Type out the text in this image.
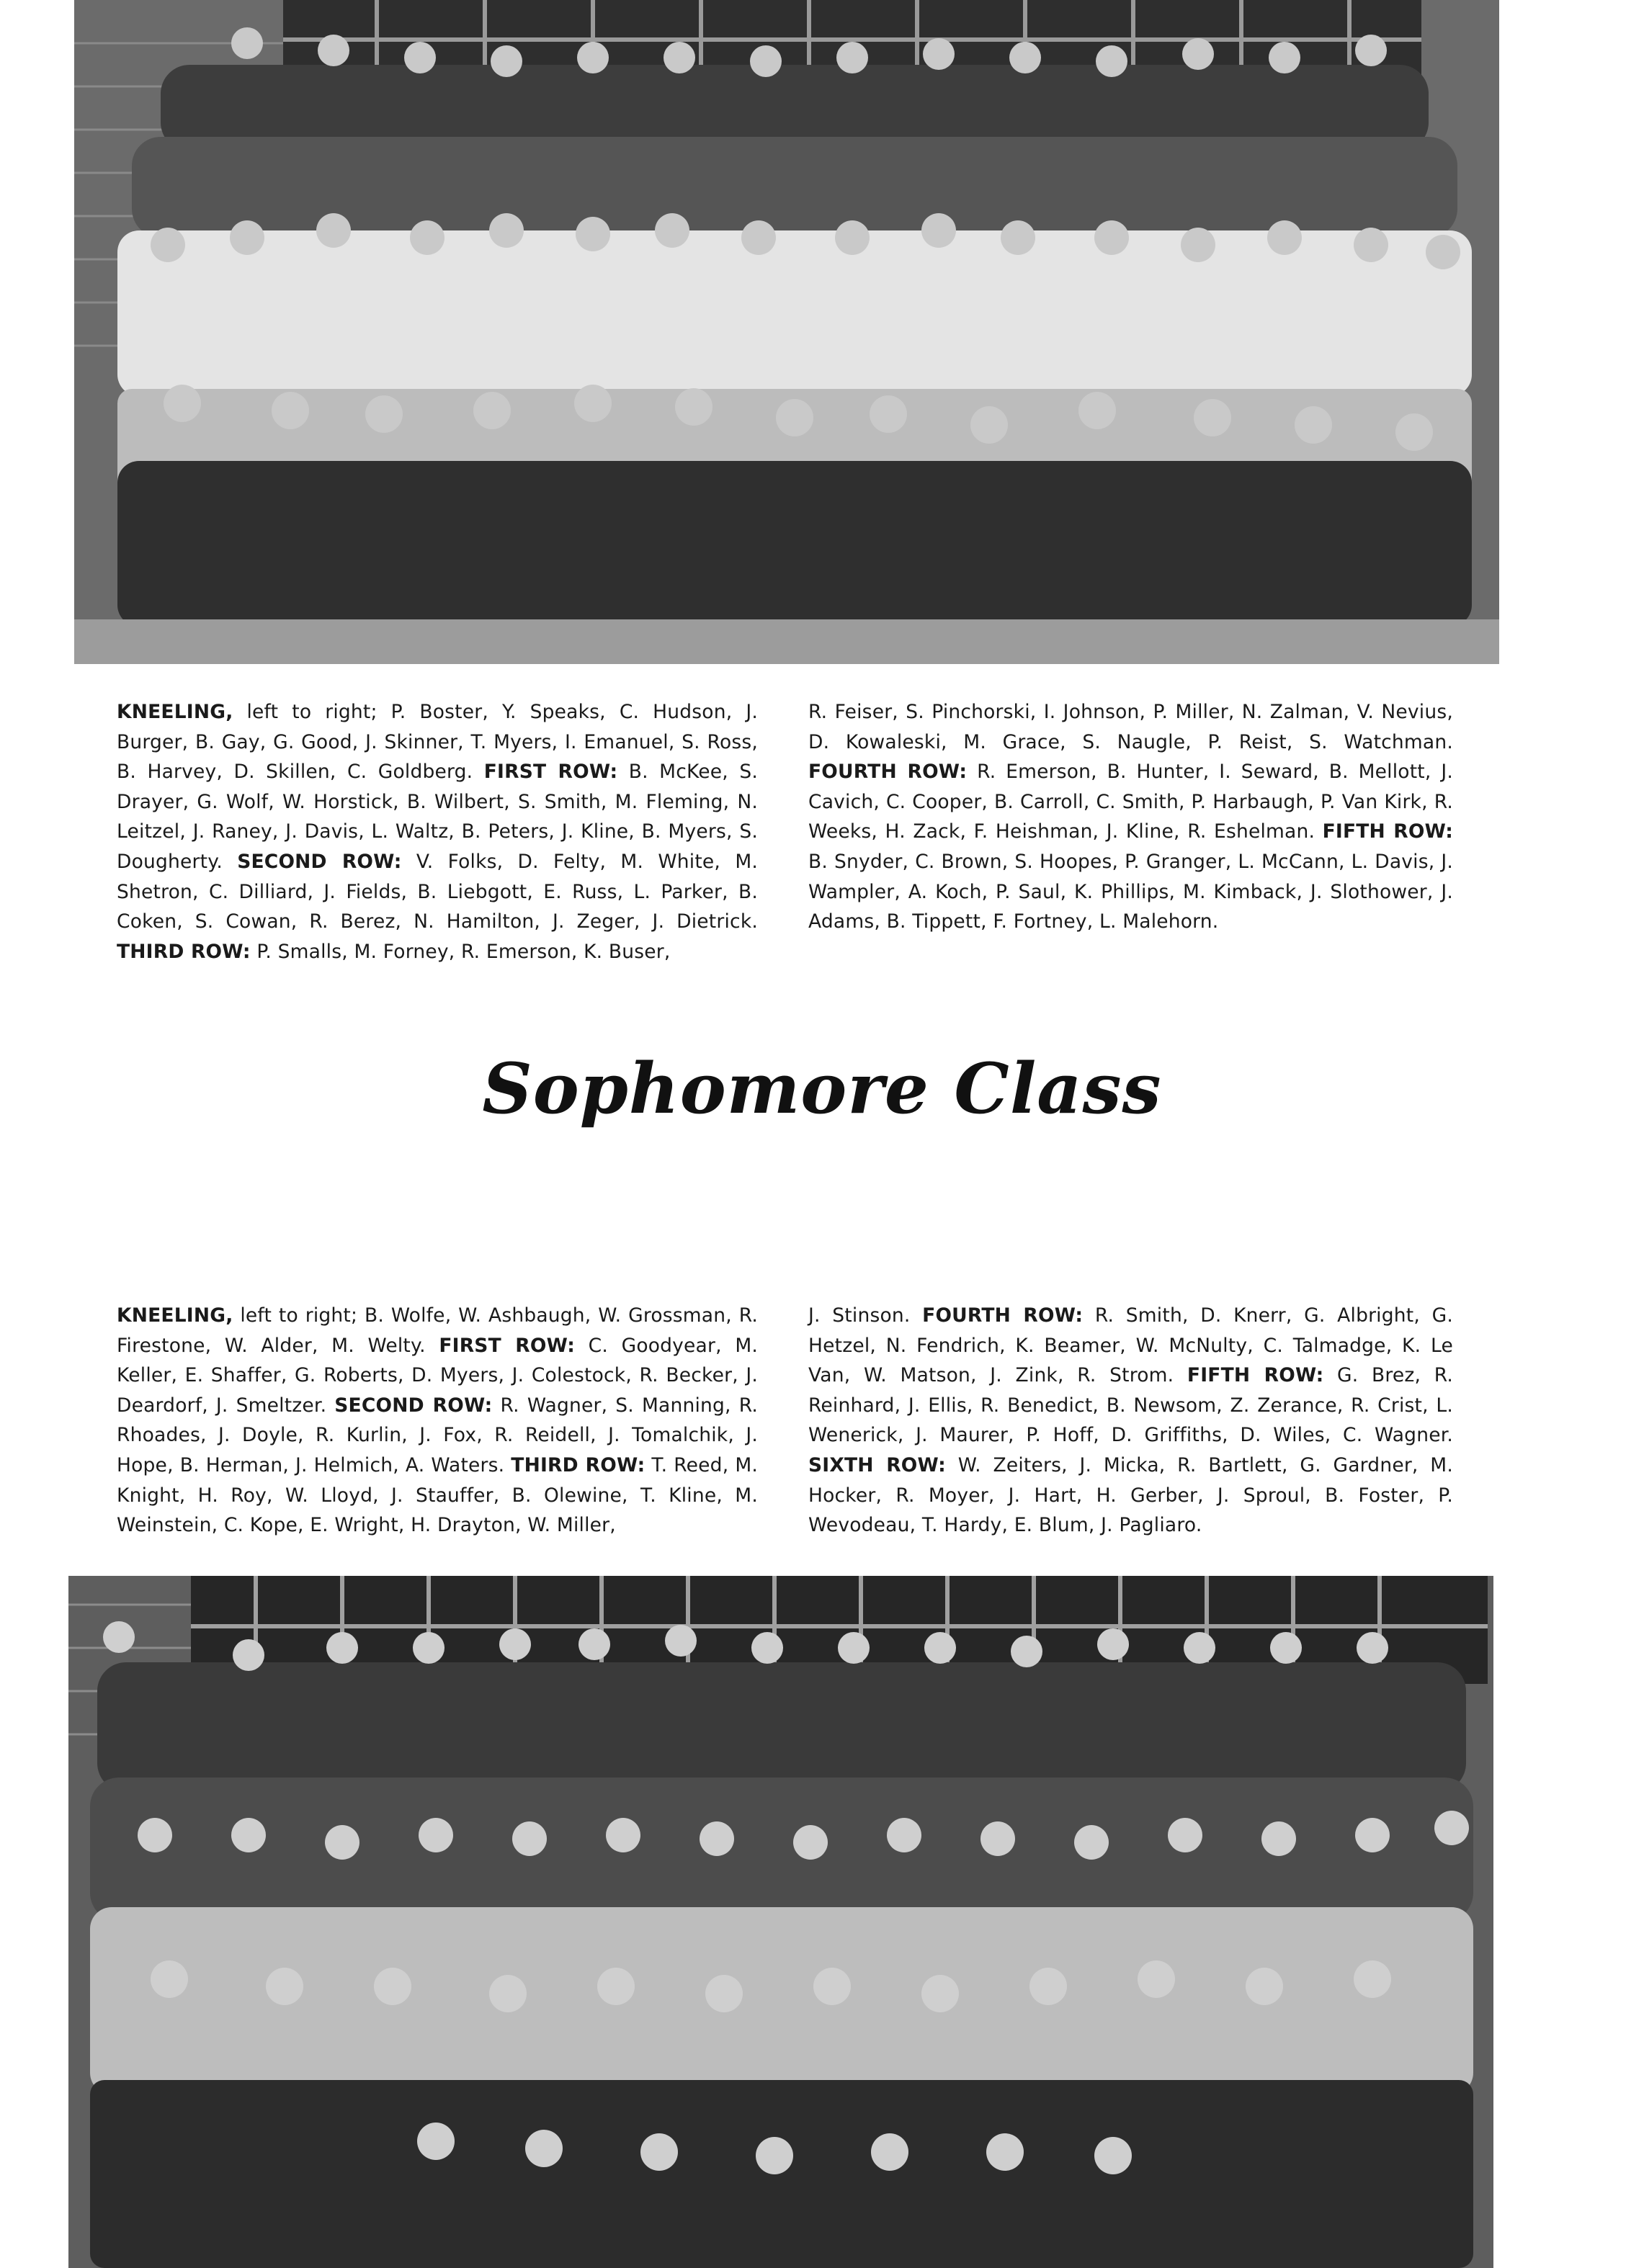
KNEELING, left to right; P. Boster, Y. Speaks, C. Hudson, J. Burger, B. Gay, G. Good, J. Skinner, T. Myers, I. Emanuel, S. Ross, B. Harvey, D. Skillen, C. Goldberg. FIRST ROW: B. McKee, S. Drayer, G. Wolf, W. Horstick, B. Wilbert, S. Smith, M. Fleming, N. Leitzel, J. Raney, J. Davis, L. Waltz, B. Peters, J. Kline, B. Myers, S. Dougherty. SECOND ROW: V. Folks, D. Felty, M. White, M. Shetron, C. Dilliard, J. Fields, B. Liebgott, E. Russ, L. Parker, B. Coken, S. Cowan, R. Berez, N. Hamilton, J. Zeger, J. Dietrick. THIRD ROW: P. Smalls, M. Forney, R. Emerson, K. Buser,
R. Feiser, S. Pinchorski, I. Johnson, P. Miller, N. Zalman, V. Nevius, D. Kowaleski, M. Grace, S. Naugle, P. Reist, S. Watchman. FOURTH ROW: R. Emerson, B. Hunter, I. Seward, B. Mellott, J. Cavich, C. Cooper, B. Carroll, C. Smith, P. Harbaugh, P. Van Kirk, R. Weeks, H. Zack, F. Heishman, J. Kline, R. Eshelman. FIFTH ROW: B. Snyder, C. Brown, S. Hoopes, P. Granger, L. McCann, L. Davis, J. Wampler, A. Koch, P. Saul, K. Phillips, M. Kimback, J. Slothower, J. Adams, B. Tippett, F. Fortney, L. Malehorn.
Sophomore Class
KNEELING, left to right; B. Wolfe, W. Ashbaugh, W. Grossman, R. Firestone, W. Alder, M. Welty. FIRST ROW: C. Goodyear, M. Keller, E. Shaffer, G. Roberts, D. Myers, J. Colestock, R. Becker, J. Deardorf, J. Smeltzer. SECOND ROW: R. Wagner, S. Manning, R. Rhoades, J. Doyle, R. Kurlin, J. Fox, R. Reidell, J. Tomalchik, J. Hope, B. Herman, J. Helmich, A. Waters. THIRD ROW: T. Reed, M. Knight, H. Roy, W. Lloyd, J. Stauffer, B. Olewine, T. Kline, M. Weinstein, C. Kope, E. Wright, H. Drayton, W. Miller,
J. Stinson. FOURTH ROW: R. Smith, D. Knerr, G. Albright, G. Hetzel, N. Fendrich, K. Beamer, W. McNulty, C. Talmadge, K. Le Van, W. Matson, J. Zink, R. Strom. FIFTH ROW: G. Brez, R. Reinhard, J. Ellis, R. Benedict, B. Newsom, Z. Zerance, R. Crist, L. Wenerick, J. Maurer, P. Hoff, D. Griffiths, D. Wiles, C. Wagner. SIXTH ROW: W. Zeiters, J. Micka, R. Bartlett, G. Gardner, M. Hocker, R. Moyer, J. Hart, H. Gerber, J. Sproul, B. Foster, P. Wevodeau, T. Hardy, E. Blum, J. Pagliaro.
